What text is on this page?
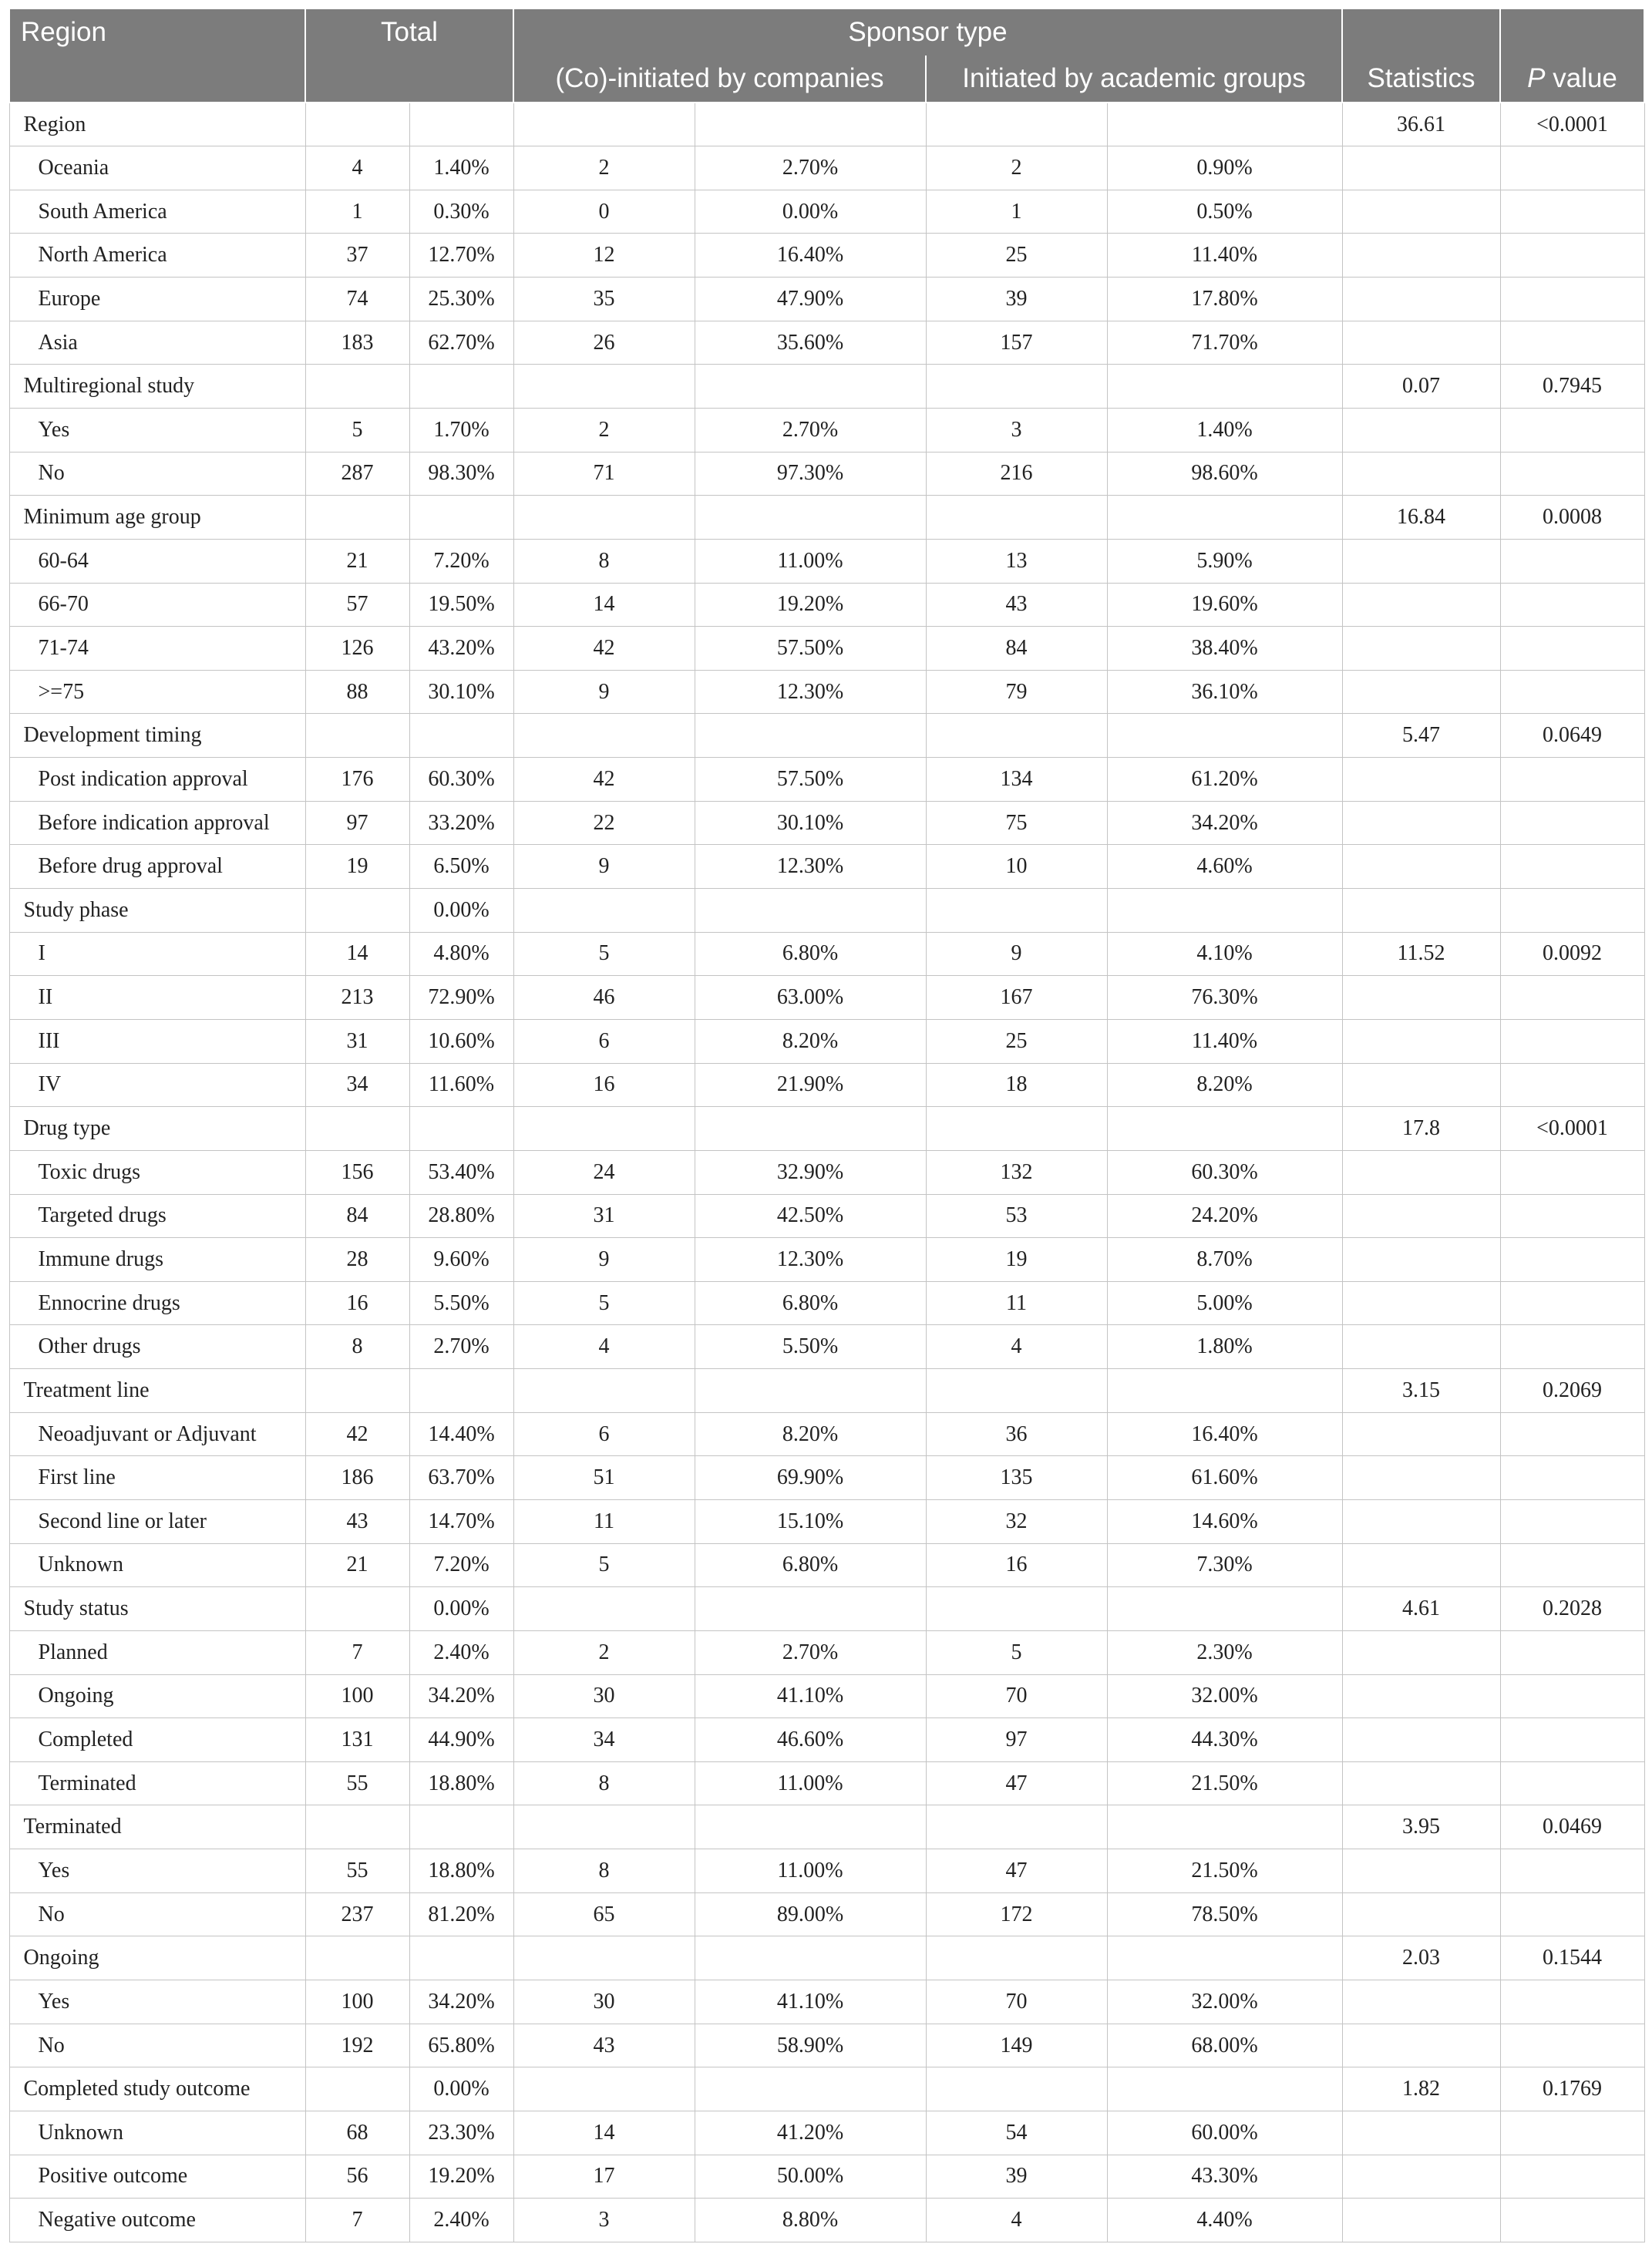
Region	Total		Sponsor type					
			(Co)-initiated by companies		Initiated by academic groups		Statistics	P value
Region							36.61	<0.0001
Oceania	4	1.40%	2	2.70%	2	0.90%		
South America	1	0.30%	0	0.00%	1	0.50%		
North America	37	12.70%	12	16.40%	25	11.40%		
Europe	74	25.30%	35	47.90%	39	17.80%		
Asia	183	62.70%	26	35.60%	157	71.70%		
Multiregional study							0.07	0.7945
Yes	5	1.70%	2	2.70%	3	1.40%		
No	287	98.30%	71	97.30%	216	98.60%		
Minimum age group							16.84	0.0008
60-64	21	7.20%	8	11.00%	13	5.90%		
66-70	57	19.50%	14	19.20%	43	19.60%		
71-74	126	43.20%	42	57.50%	84	38.40%		
>=75	88	30.10%	9	12.30%	79	36.10%		
Development timing							5.47	0.0649
Post indication approval	176	60.30%	42	57.50%	134	61.20%		
Before indication approval	97	33.20%	22	30.10%	75	34.20%		
Before drug approval	19	6.50%	9	12.30%	10	4.60%		
Study phase		0.00%						
I	14	4.80%	5	6.80%	9	4.10%	11.52	0.0092
II	213	72.90%	46	63.00%	167	76.30%		
III	31	10.60%	6	8.20%	25	11.40%		
IV	34	11.60%	16	21.90%	18	8.20%		
Drug type							17.8	<0.0001
Toxic drugs	156	53.40%	24	32.90%	132	60.30%		
Targeted drugs	84	28.80%	31	42.50%	53	24.20%		
Immune drugs	28	9.60%	9	12.30%	19	8.70%		
Ennocrine drugs	16	5.50%	5	6.80%	11	5.00%		
Other drugs	8	2.70%	4	5.50%	4	1.80%		
Treatment line							3.15	0.2069
Neoadjuvant or Adjuvant	42	14.40%	6	8.20%	36	16.40%		
First line	186	63.70%	51	69.90%	135	61.60%		
Second line or later	43	14.70%	11	15.10%	32	14.60%		
Unknown	21	7.20%	5	6.80%	16	7.30%		
Study status		0.00%					4.61	0.2028
Planned	7	2.40%	2	2.70%	5	2.30%		
Ongoing	100	34.20%	30	41.10%	70	32.00%		
Completed	131	44.90%	34	46.60%	97	44.30%		
Terminated	55	18.80%	8	11.00%	47	21.50%		
Terminated							3.95	0.0469
Yes	55	18.80%	8	11.00%	47	21.50%		
No	237	81.20%	65	89.00%	172	78.50%		
Ongoing							2.03	0.1544
Yes	100	34.20%	30	41.10%	70	32.00%		
No	192	65.80%	43	58.90%	149	68.00%		
Completed study outcome		0.00%					1.82	0.1769
Unknown	68	23.30%	14	41.20%	54	60.00%		
Positive outcome	56	19.20%	17	50.00%	39	43.30%		
Negative outcome	7	2.40%	3	8.80%	4	4.40%		
